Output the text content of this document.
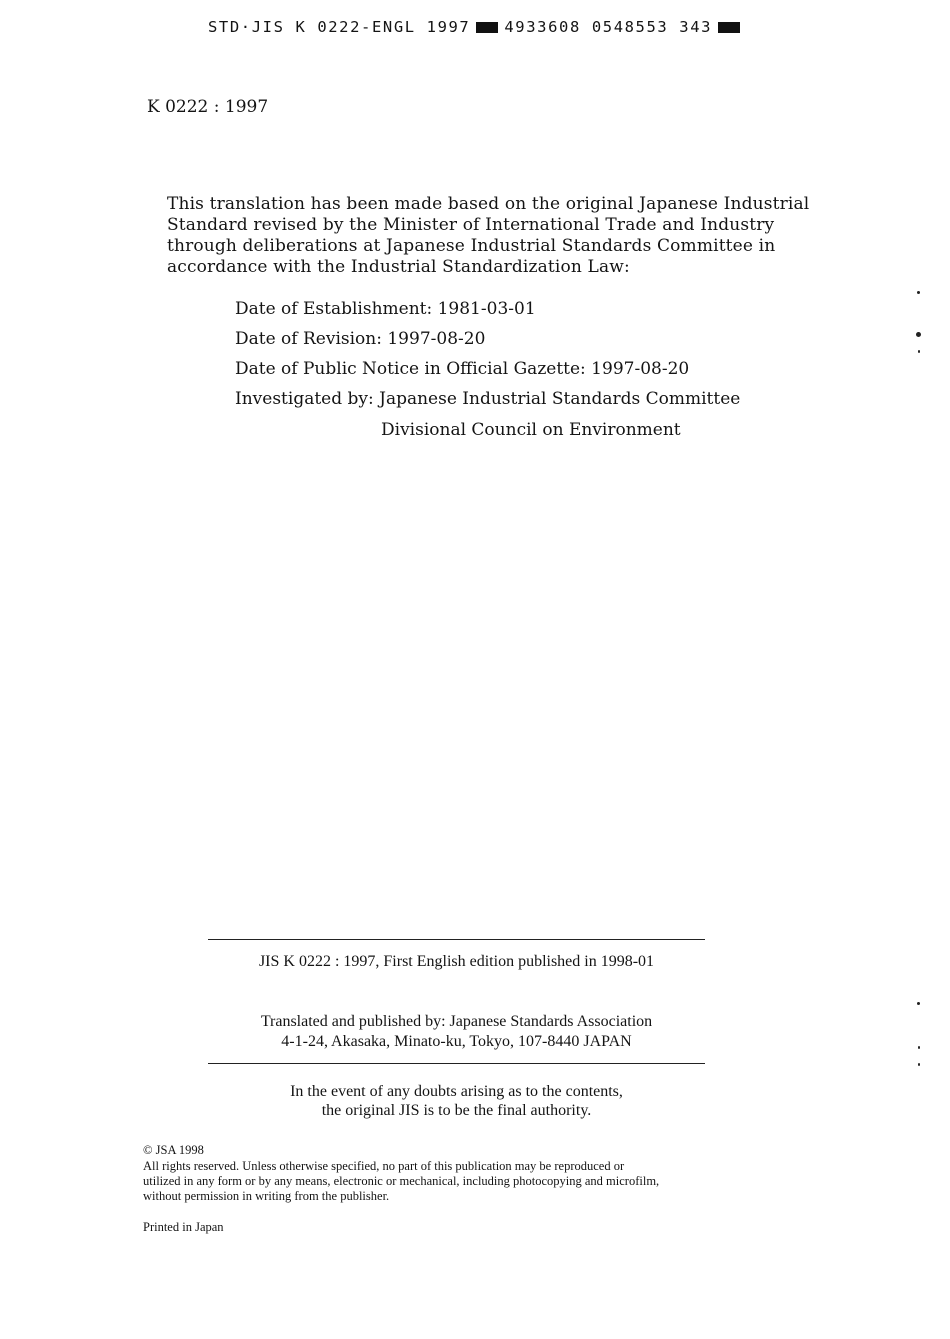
STD·JIS K 0222-ENGL 1997 4933608 0548553 343
K 0222 : 1997
This translation has been made based on the original Japanese Industrial
Standard revised by the Minister of International Trade and Industry
through deliberations at Japanese Industrial Standards Committee in
accordance with the Industrial Standardization Law:
Date of Establishment: 1981-03-01
Date of Revision: 1997-08-20
Date of Public Notice in Official Gazette: 1997-08-20
Investigated by: Japanese Industrial Standards Committee
Divisional Council on Environment
JIS K 0222 : 1997, First English edition published in 1998-01
Translated and published by: Japanese Standards Association
4-1-24, Akasaka, Minato-ku, Tokyo, 107-8440 JAPAN
In the event of any doubts arising as to the contents,
the original JIS is to be the final authority.
© JSA 1998
All rights reserved. Unless otherwise specified, no part of this publication may be reproduced or
utilized in any form or by any means, electronic or mechanical, including photocopying and microfilm,
without permission in writing from the publisher.
Printed in Japan
